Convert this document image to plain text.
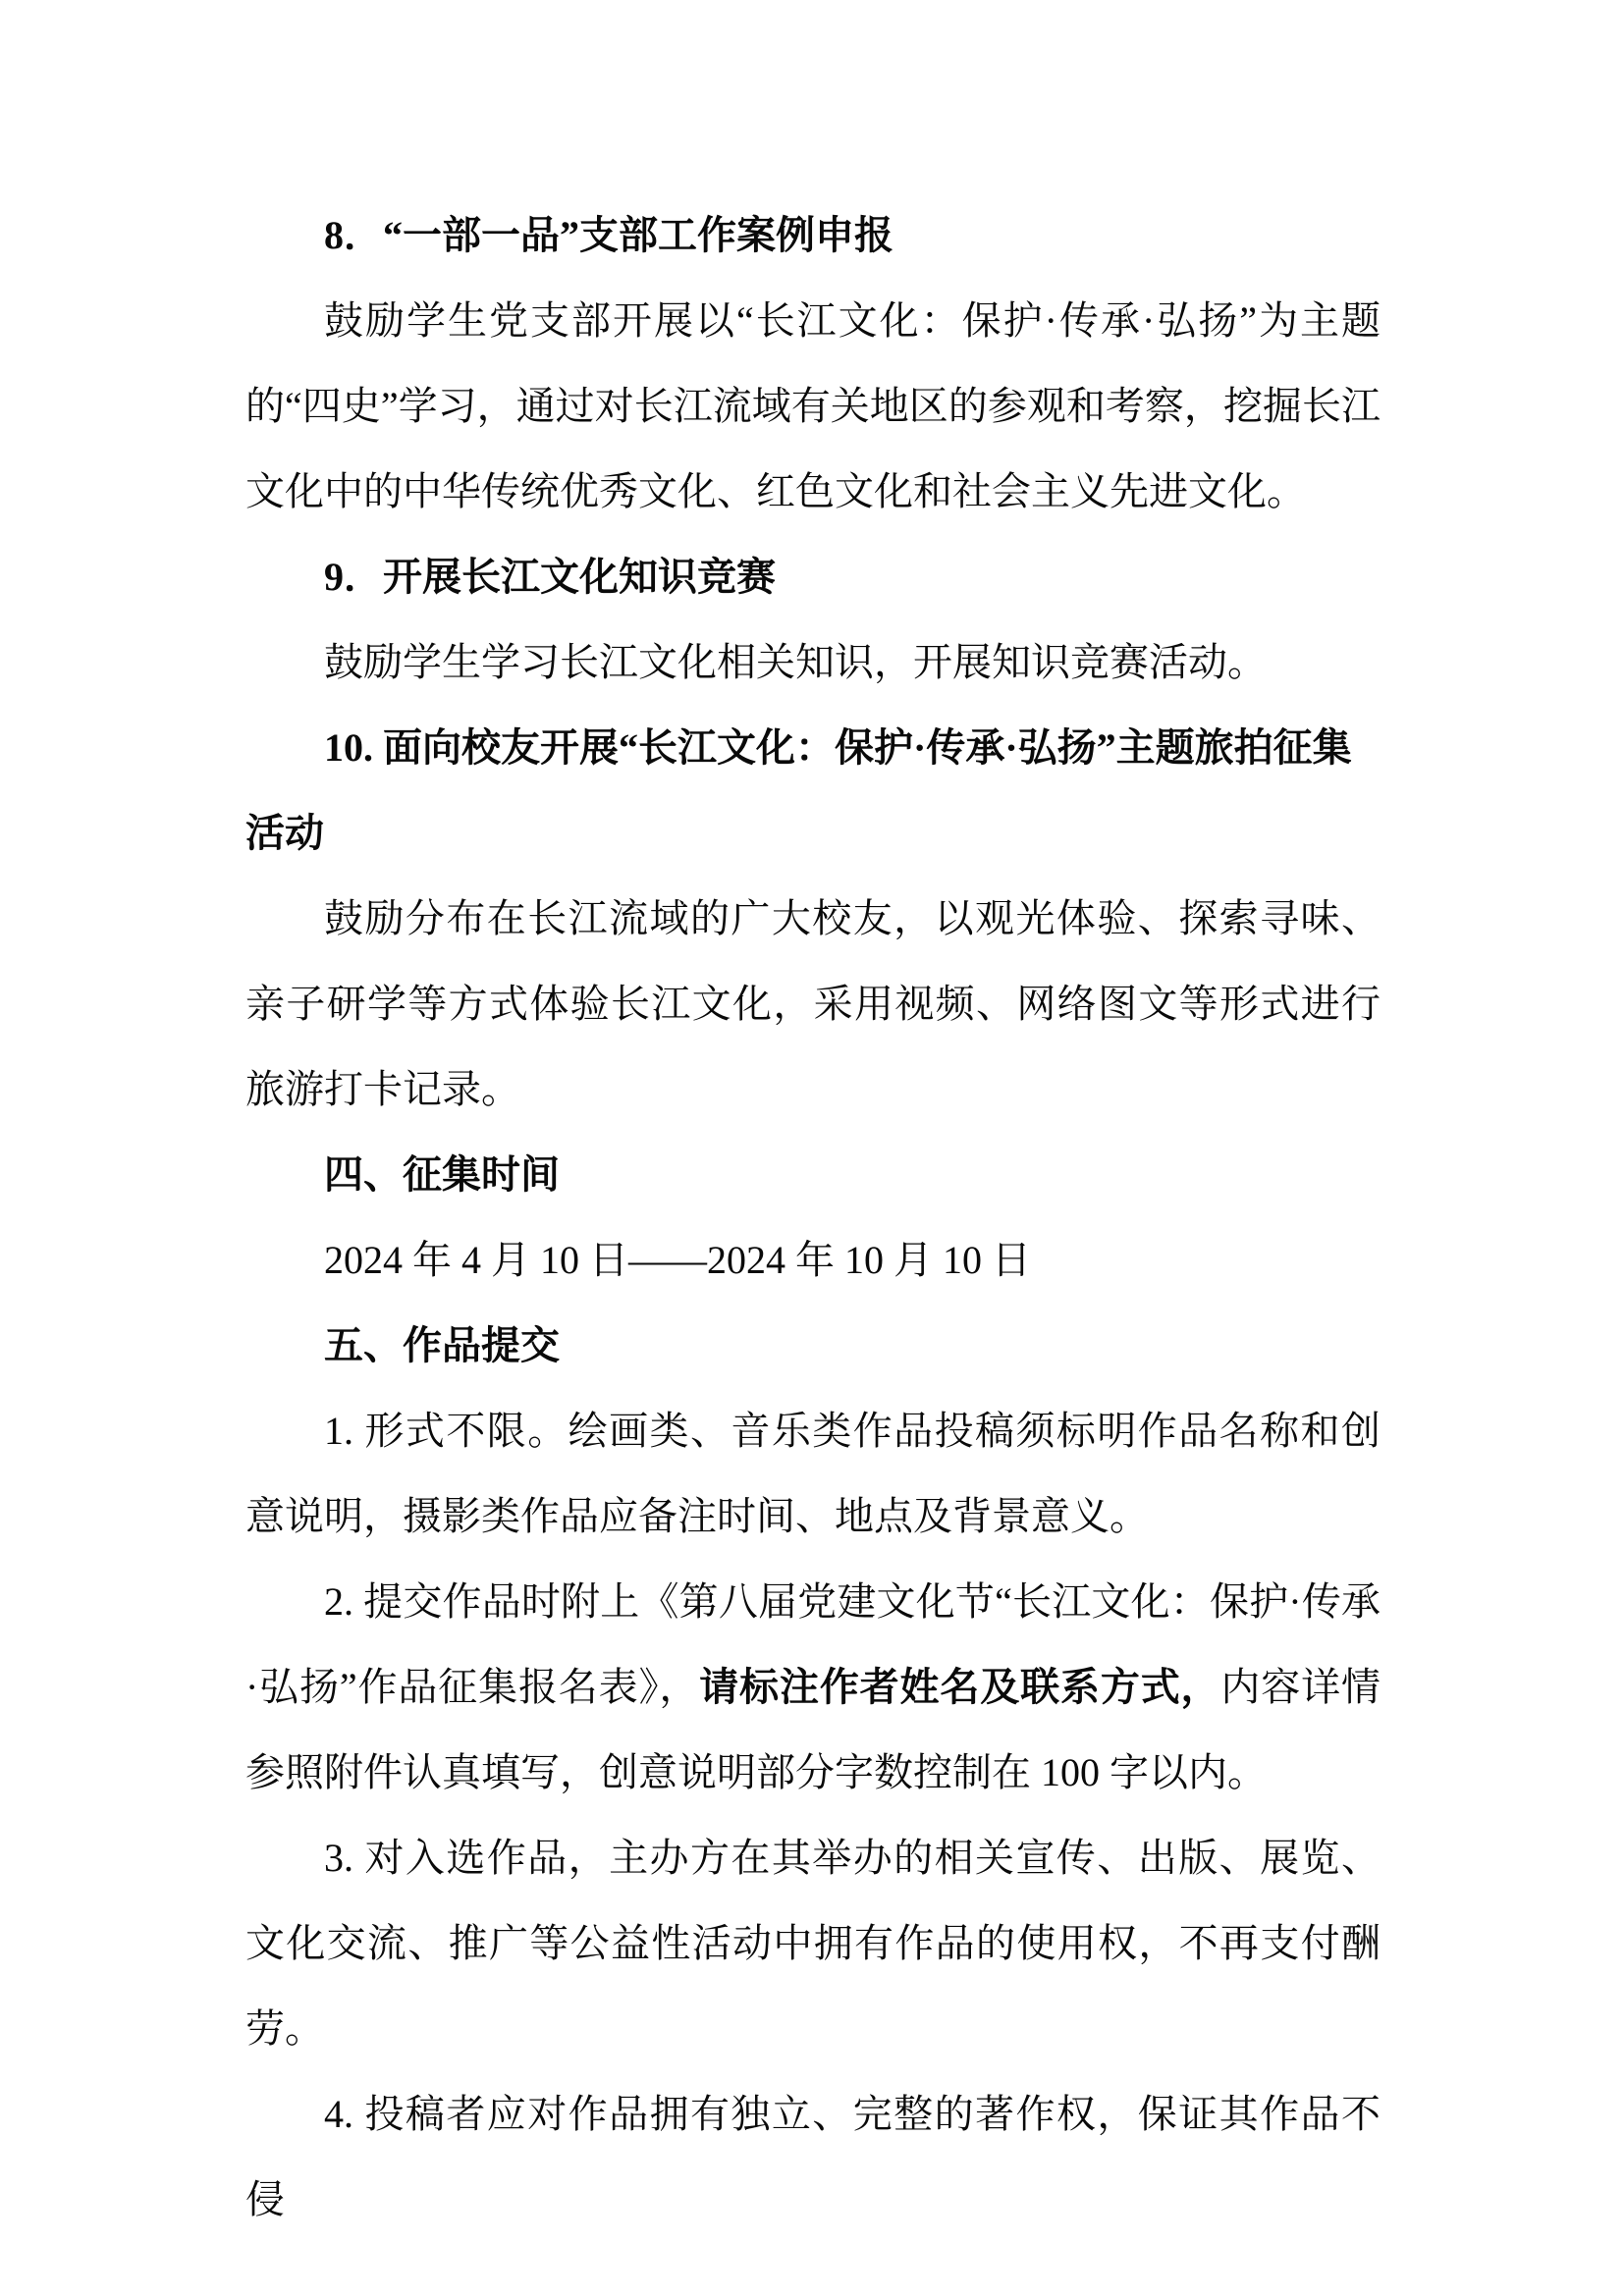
8．“一部一品”支部工作案例申报

鼓励学生党支部开展以“长江文化：保护·传承·弘扬”为主题的“四史”学习，通过对长江流域有关地区的参观和考察，挖掘长江文化中的中华传统优秀文化、红色文化和社会主义先进文化。

9．开展长江文化知识竞赛

鼓励学生学习长江文化相关知识，开展知识竞赛活动。

10. 面向校友开展“长江文化：保护·传承·弘扬”主题旅拍征集活动

鼓励分布在长江流域的广大校友，以观光体验、探索寻味、亲子研学等方式体验长江文化，采用视频、网络图文等形式进行旅游打卡记录。

四、征集时间

2024 年 4 月 10 日——2024 年 10 月 10 日

五、作品提交

1. 形式不限。绘画类、音乐类作品投稿须标明作品名称和创意说明，摄影类作品应备注时间、地点及背景意义。

2. 提交作品时附上《第八届党建文化节“长江文化：保护·传承·弘扬”作品征集报名表》，请标注作者姓名及联系方式，内容详情参照附件认真填写，创意说明部分字数控制在 100 字以内。

3. 对入选作品，主办方在其举办的相关宣传、出版、展览、文化交流、推广等公益性活动中拥有作品的使用权，不再支付酬劳。

4. 投稿者应对作品拥有独立、完整的著作权，保证其作品不侵
